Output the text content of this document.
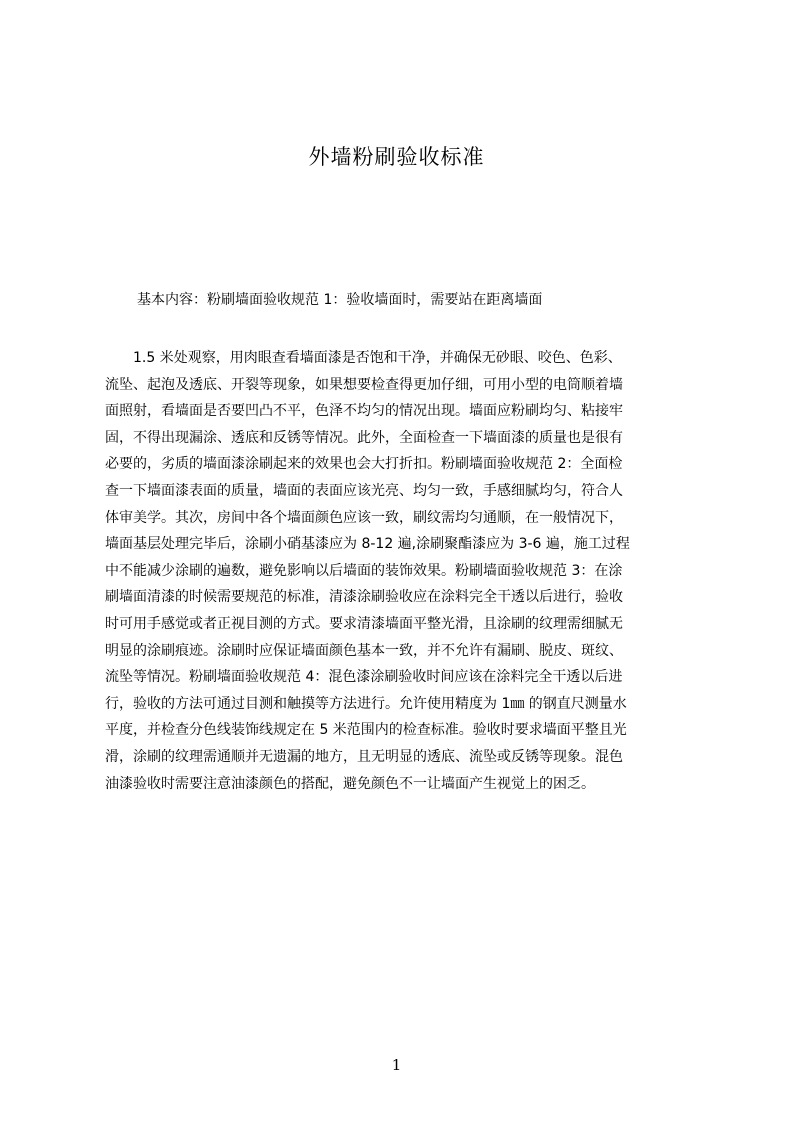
外墙粉刷验收标准

基本内容：粉刷墙面验收规范 1：验收墙面时，需要站在距离墙面

　　1.5 米处观察，用肉眼查看墙面漆是否饱和干净，并确保无砂眼、咬色、色彩、
流坠、起泡及透底、开裂等现象，如果想要检查得更加仔细，可用小型的电筒顺着墙
面照射，看墙面是否要凹凸不平，色泽不均匀的情况出现。墙面应粉刷均匀、粘接牢
固，不得出现漏涂、透底和反锈等情况。此外，全面检查一下墙面漆的质量也是很有
必要的，劣质的墙面漆涂刷起来的效果也会大打折扣。粉刷墙面验收规范 2：全面检
查一下墙面漆表面的质量，墙面的表面应该光亮、均匀一致，手感细腻均匀，符合人
体审美学。其次，房间中各个墙面颜色应该一致，刷纹需均匀通顺，在一般情况下，
墙面基层处理完毕后，涂刷小硝基漆应为 8-12 遍,涂刷聚酯漆应为 3-6 遍，施工过程
中不能减少涂刷的遍数，避免影响以后墙面的装饰效果。粉刷墙面验收规范 3：在涂
刷墙面清漆的时候需要规范的标准，清漆涂刷验收应在涂料完全干透以后进行，验收
时可用手感觉或者正视目测的方式。要求清漆墙面平整光滑，且涂刷的纹理需细腻无
明显的涂刷痕迹。涂刷时应保证墙面颜色基本一致，并不允许有漏刷、脱皮、斑纹、
流坠等情况。粉刷墙面验收规范 4：混色漆涂刷验收时间应该在涂料完全干透以后进
行，验收的方法可通过目测和触摸等方法进行。允许使用精度为 1㎜ 的钢直尺测量水
平度，并检查分色线装饰线规定在 5 米范围内的检查标准。验收时要求墙面平整且光
滑，涂刷的纹理需通顺并无遗漏的地方，且无明显的透底、流坠或反锈等现象。混色
油漆验收时需要注意油漆颜色的搭配，避免颜色不一让墙面产生视觉上的困乏。
1
